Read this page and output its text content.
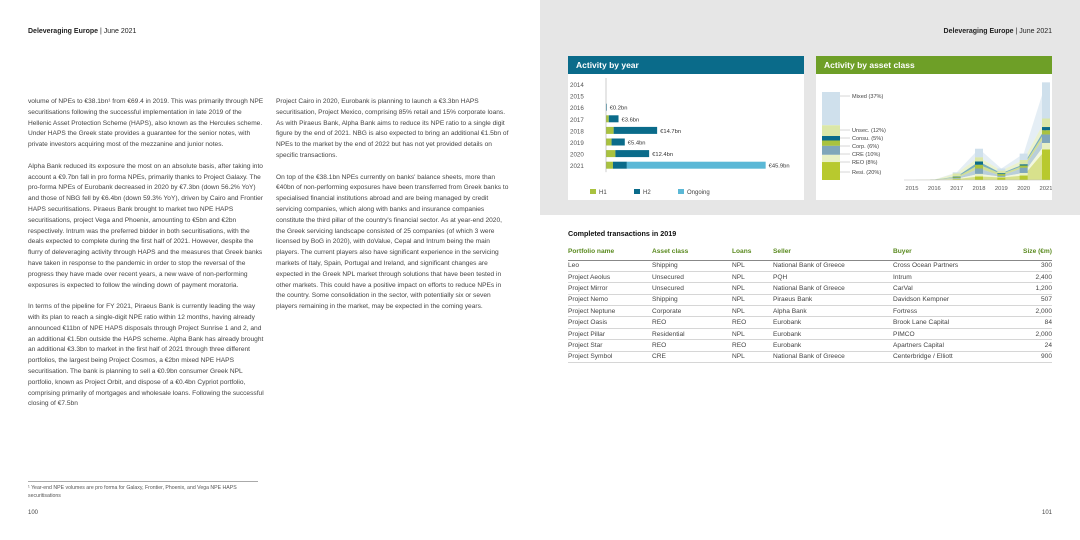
Deleveraging Europe | June 2021

volume of NPEs to €38.1bn¹ from €69.4 in 2019. This was primarily through NPE securitisations following the successful implementation in late 2019 of the Hellenic Asset Protection Scheme (HAPS), also known as the Hercules scheme. Under HAPS the Greek state provides a guarantee for the senior notes, with private investors acquiring most of the mezzanine and junior notes.

Alpha Bank reduced its exposure the most on an absolute basis, after taking into account a €9.7bn fall in pro forma NPEs, primarily thanks to Project Galaxy. The pro-forma NPEs of Eurobank decreased in 2020 by €7.3bn (down 56.2% YoY) and those of NBG fell by €6.4bn (down 59.3% YoY), driven by Cairo and Frontier HAPS securitisations. Piraeus Bank brought to market two NPE HAPS securitisations, project Vega and Phoenix, amounting to €5bn and €2bn respectively. Intrum was the preferred bidder in both securitisations, with the deals expected to complete during the first half of 2021. However, despite the flurry of deleveraging activity through HAPS and the measures that Greek banks have taken in response to the pandemic in order to stop the reversal of the progress they have made over recent years, a new wave of non-performing exposures is expected to follow the winding down of payment moratoria.

In terms of the pipeline for FY 2021, Piraeus Bank is currently leading the way with its plan to reach a single-digit NPE ratio within 12 months, having already announced €11bn of NPE HAPS disposals through Project Sunrise 1 and 2, and an additional €1.5bn outside the HAPS scheme. Alpha Bank has already brought an additional €3.3bn to market in the first half of 2021 through three different portfolios, the largest being Project Cosmos, a €2bn mixed NPE HAPS securitisation. The bank is planning to sell a €0.9bn consumer Greek NPL portfolio, known as Project Orbit, and dispose of a €0.4bn Cypriot portfolio, comprising primarily of mortgages and wholesale loans. Following the successful closing of €7.5bn

Project Cairo in 2020, Eurobank is planning to launch a €3.3bn HAPS securitisation, Project Mexico, comprising 85% retail and 15% corporate loans. As with Piraeus Bank, Alpha Bank aims to reduce its NPE ratio to a single digit figure by the end of 2021. NBG is also expected to bring an additional €1.5bn of NPEs to the market by the end of 2022 but has not yet provided details on specific transactions.

On top of the €38.1bn NPEs currently on banks' balance sheets, more than €40bn of non-performing exposures have been transferred from Greek banks to specialised financial institutions abroad and are being managed by credit servicing companies, which along with banks and insurance companies constitute the third pillar of the country's financial sector. As at year-end 2020, the Greek servicing landscape consisted of 25 companies (of which 3 were licensed by BoG in 2020), with doValue, Cepal and Intrum being the main players. The current players also have significant experience in the servicing markets of Italy, Spain, Portugal and Ireland, and significant changes are expected in the Greek NPL market through solutions that have been tested in other markets. This could have a positive impact on efforts to reduce NPEs in the country. Some consolidation in the sector, with potentially six or seven players remaining in the market, may be expected in the coming years.

¹ Year-end NPE volumes are pro forma for Galaxy, Frontier, Phoenix, and Vega NPE HAPS securitisations
100
Deleveraging Europe | June 2021
Activity by year
2014
2015
2016	€0.2bn
2017	€3.6bn
2018	€14.7bn
2019	€5.4bn
2020	€12.4bn
2021	€45.9bn
H1	H2	Ongoing
Activity by asset class
2015 2016 2017 2018 2019 2020 2021
Mixed (37%)
Unsec. (12%)
Consu. (5%)
Corp. (6%)
CRE (10%)
REO (8%)
Resi. (20%)
Completed transactions in 2019
Portfolio name	Asset class	Loans	Seller	Buyer	Size (€m)
Leo	Shipping	NPL	National Bank of Greece	Cross Ocean Partners	300
Project Aeolus	Unsecured	NPL	PQH	Intrum	2,400
Project Mirror	Unsecured	NPL	National Bank of Greece	CarVal	1,200
Project Nemo	Shipping	NPL	Piraeus Bank	Davidson Kempner	507
Project Neptune	Corporate	NPL	Alpha Bank	Fortress	2,000
Project Oasis	REO	REO	Eurobank	Brook Lane Capital	84
Project Pillar	Residential	NPL	Eurobank	PIMCO	2,000
Project Star	REO	REO	Eurobank	Apartners Capital	24
Project Symbol	CRE	NPL	National Bank of Greece	Centerbridge / Elliott	900
101
